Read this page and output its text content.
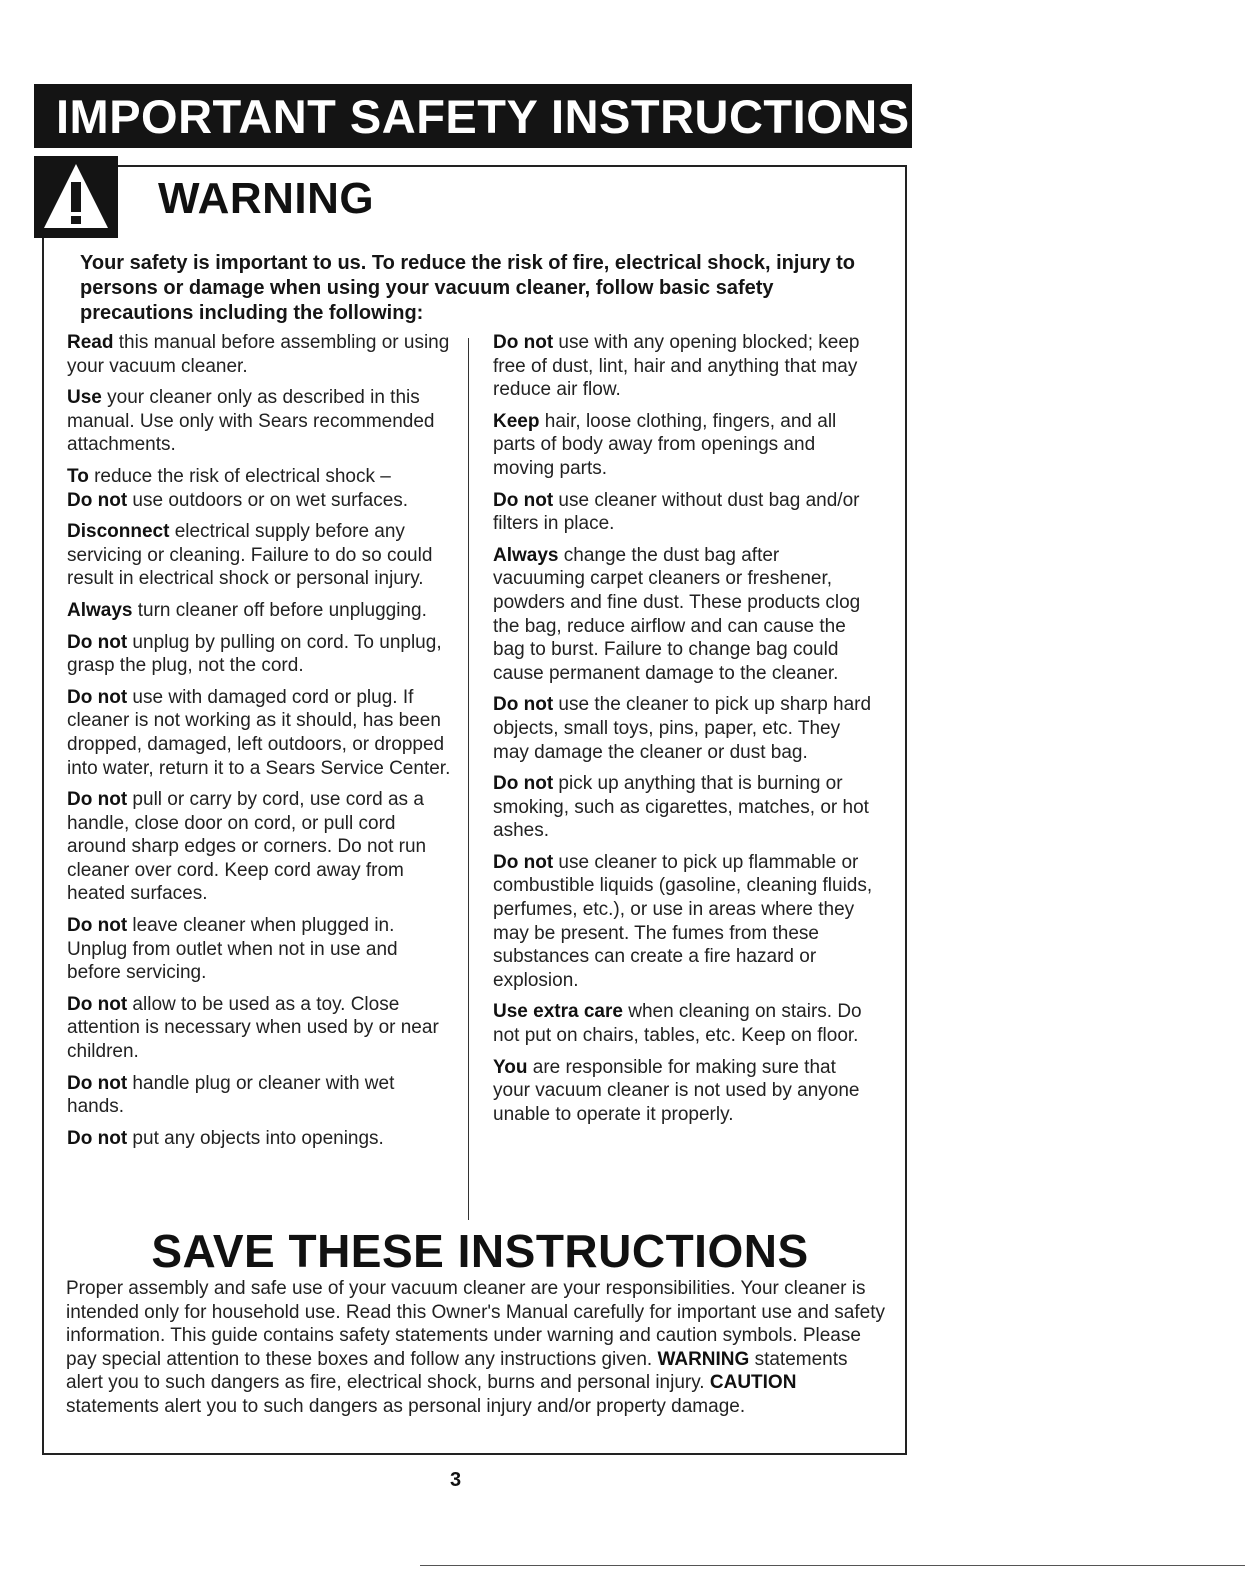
IMPORTANT SAFETY INSTRUCTIONS
WARNING
Your safety is important to us. To reduce the risk of fire, electrical shock, injury to persons or damage when using your vacuum cleaner, follow basic safety precautions including the following:

Read this manual before assembling or using your vacuum cleaner.

Use your cleaner only as described in this manual. Use only with Sears recommended attachments.

To reduce the risk of electrical shock –
Do not use outdoors or on wet surfaces.

Disconnect electrical supply before any servicing or cleaning. Failure to do so could result in electrical shock or personal injury.

Always turn cleaner off before unplugging.

Do not unplug by pulling on cord. To unplug, grasp the plug, not the cord.

Do not use with damaged cord or plug. If cleaner is not working as it should, has been dropped, damaged, left outdoors, or dropped into water, return it to a Sears Service Center.

Do not pull or carry by cord, use cord as a handle, close door on cord, or pull cord around sharp edges or corners. Do not run cleaner over cord. Keep cord away from heated surfaces.

Do not leave cleaner when plugged in. Unplug from outlet when not in use and before servicing.

Do not allow to be used as a toy. Close attention is necessary when used by or near children.

Do not handle plug or cleaner with wet hands.

Do not put any objects into openings.

Do not use with any opening blocked; keep free of dust, lint, hair and anything that may reduce air flow.

Keep hair, loose clothing, fingers, and all parts of body away from openings and moving parts.

Do not use cleaner without dust bag and/or filters in place.

Always change the dust bag after vacuuming carpet cleaners or freshener, powders and fine dust. These products clog the bag, reduce airflow and can cause the bag to burst. Failure to change bag could cause permanent damage to the cleaner.

Do not use the cleaner to pick up sharp hard objects, small toys, pins, paper, etc. They may damage the cleaner or dust bag.

Do not pick up anything that is burning or smoking, such as cigarettes, matches, or hot ashes.

Do not use cleaner to pick up flammable or combustible liquids (gasoline, cleaning fluids, perfumes, etc.), or use in areas where they may be present. The fumes from these substances can create a fire hazard or explosion.

Use extra care when cleaning on stairs. Do not put on chairs, tables, etc. Keep on floor.

You are responsible for making sure that your vacuum cleaner is not used by anyone unable to operate it properly.

SAVE THESE INSTRUCTIONS
Proper assembly and safe use of your vacuum cleaner are your responsibilities. Your cleaner is intended only for household use. Read this Owner's Manual carefully for important use and safety information. This guide contains safety statements under warning and caution symbols. Please pay special attention to these boxes and follow any instructions given. WARNING statements alert you to such dangers as fire, electrical shock, burns and personal injury. CAUTION statements alert you to such dangers as personal injury and/or property damage.
3
